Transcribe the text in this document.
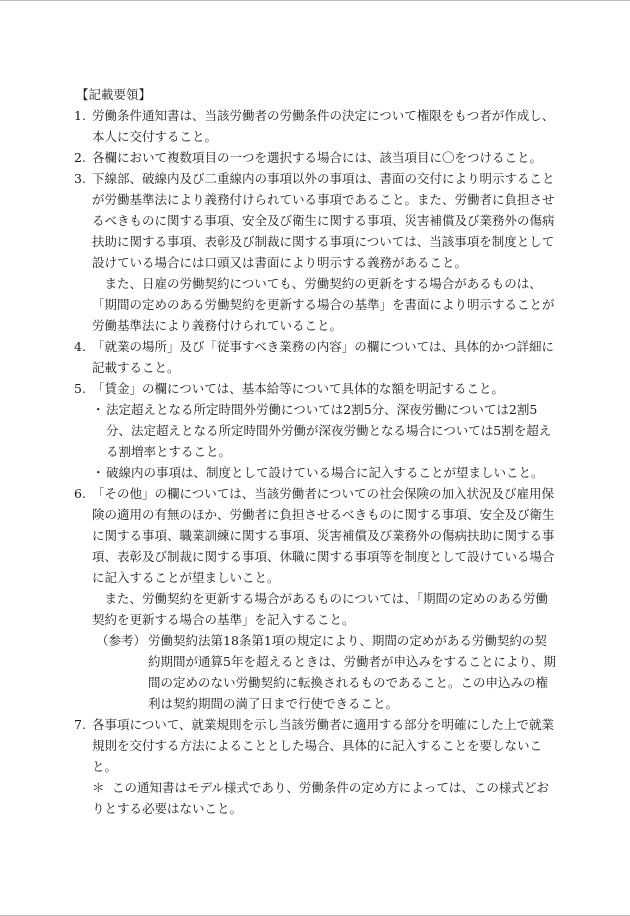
【記載要領】

1. 労働条件通知書は、当該労働者の労働条件の決定について権限をもつ者が作成し、本人に交付すること。
2. 各欄において複数項目の一つを選択する場合には、該当項目に〇をつけること。
3. 下線部、破線内及び二重線内の事項以外の事項は、書面の交付により明示することが労働基準法により義務付けられている事項であること。また、労働者に負担させるべきものに関する事項、安全及び衛生に関する事項、災害補償及び業務外の傷病扶助に関する事項、表彰及び制裁に関する事項については、当該事項を制度として設けている場合には口頭又は書面により明示する義務があること。

また、日雇の労働契約についても、労働契約の更新をする場合があるものは、「期間の定めのある労働契約を更新する場合の基準」を書面により明示することが労働基準法により義務付けられていること。

4. 「就業の場所」及び「従事すべき業務の内容」の欄については、具体的かつ詳細に記載すること。
5. 「賃金」の欄については、基本給等について具体的な額を明記すること。
・ 法定超えとなる所定時間外労働については2割5分、深夜労働については2割5分、法定超えとなる所定時間外労働が深夜労働となる場合については5割を超える割増率とすること。
・ 破線内の事項は、制度として設けている場合に記入することが望ましいこと。
6. 「その他」の欄については、当該労働者についての社会保険の加入状況及び雇用保険の適用の有無のほか、労働者に負担させるべきものに関する事項、安全及び衛生に関する事項、職業訓練に関する事項、災害補償及び業務外の傷病扶助に関する事項、表彰及び制裁に関する事項、休職に関する事項等を制度として設けている場合に記入することが望ましいこと。

また、労働契約を更新する場合があるものについては、「期間の定めのある労働契約を更新する場合の基準」を記入すること。

（参考） 労働契約法第18条第1項の規定により、期間の定めがある労働契約の契約期間が通算5年を超えるときは、労働者が申込みをすることにより、期間の定めのない労働契約に転換されるものであること。この申込みの権利は契約期間の満了日まで行使できること。
7. 各事項について、就業規則を示し当該労働者に適用する部分を明確にした上で就業規則を交付する方法によることとした場合、具体的に記入することを要しないこと。
＊ この通知書はモデル様式であり、労働条件の定め方によっては、この様式どおりとする必要はないこと。
